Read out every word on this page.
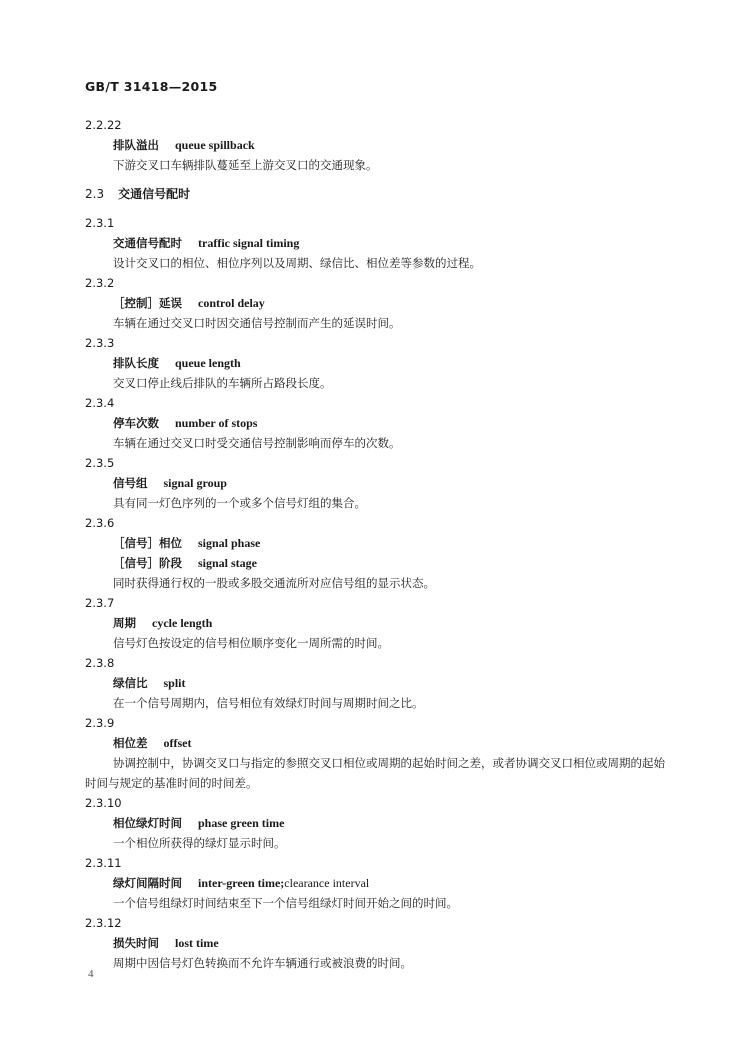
GB/T 31418—2015
2.2.22
排队溢出 queue spillback
下游交叉口车辆排队蔓延至上游交叉口的交通现象。
2.3 交通信号配时
2.3.1
交通信号配时 traffic signal timing
设计交叉口的相位、相位序列以及周期、绿信比、相位差等参数的过程。
2.3.2
［控制］延误 control delay
车辆在通过交叉口时因交通信号控制而产生的延误时间。
2.3.3
排队长度 queue length
交叉口停止线后排队的车辆所占路段长度。
2.3.4
停车次数 number of stops
车辆在通过交叉口时受交通信号控制影响而停车的次数。
2.3.5
信号组 signal group
具有同一灯色序列的一个或多个信号灯组的集合。
2.3.6
［信号］相位 signal phase
［信号］阶段 signal stage
同时获得通行权的一股或多股交通流所对应信号组的显示状态。
2.3.7
周期 cycle length
信号灯色按设定的信号相位顺序变化一周所需的时间。
2.3.8
绿信比 split
在一个信号周期内，信号相位有效绿灯时间与周期时间之比。
2.3.9
相位差 offset
协调控制中，协调交叉口与指定的参照交叉口相位或周期的起始时间之差，或者协调交叉口相位或周期的起始时间与规定的基准时间的时间差。
2.3.10
相位绿灯时间 phase green time
一个相位所获得的绿灯显示时间。
2.3.11
绿灯间隔时间 inter-green time;clearance interval
一个信号组绿灯时间结束至下一个信号组绿灯时间开始之间的时间。
2.3.12
损失时间 lost time
周期中因信号灯色转换而不允许车辆通行或被浪费的时间。
4
